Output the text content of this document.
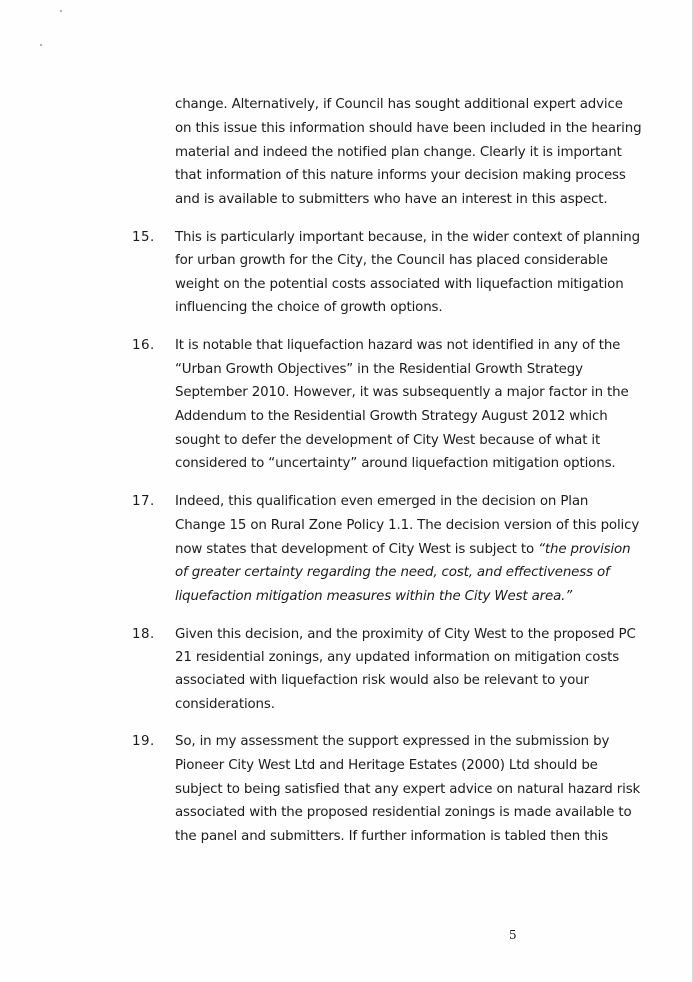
change. Alternatively, if Council has sought additional expert advice
on this issue this information should have been included in the hearing
material and indeed the notified plan change. Clearly it is important
that information of this nature informs your decision making process
and is available to submitters who have an interest in this aspect.
15. This is particularly important because, in the wider context of planning
for urban growth for the City, the Council has placed considerable
weight on the potential costs associated with liquefaction mitigation
influencing the choice of growth options.
16. It is notable that liquefaction hazard was not identified in any of the
“Urban Growth Objectives” in the Residential Growth Strategy
September 2010. However, it was subsequently a major factor in the
Addendum to the Residential Growth Strategy August 2012 which
sought to defer the development of City West because of what it
considered to “uncertainty” around liquefaction mitigation options.
17. Indeed, this qualification even emerged in the decision on Plan
Change 15 on Rural Zone Policy 1.1. The decision version of this policy
now states that development of City West is subject to “the provision
of greater certainty regarding the need, cost, and effectiveness of
liquefaction mitigation measures within the City West area.”
18. Given this decision, and the proximity of City West to the proposed PC
21 residential zonings, any updated information on mitigation costs
associated with liquefaction risk would also be relevant to your
considerations.
19. So, in my assessment the support expressed in the submission by
Pioneer City West Ltd and Heritage Estates (2000) Ltd should be
subject to being satisfied that any expert advice on natural hazard risk
associated with the proposed residential zonings is made available to
the panel and submitters. If further information is tabled then this
5
